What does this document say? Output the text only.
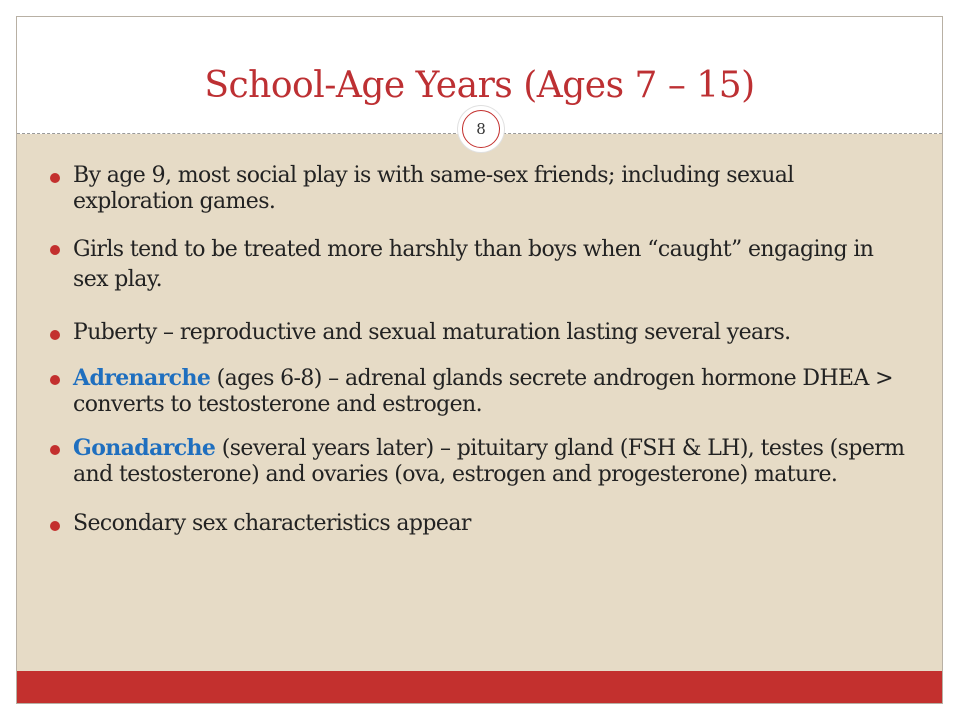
School-Age Years (Ages 7 – 15)
8
By age 9, most social play is with same-sex friends; including sexual exploration games.
Girls tend to be treated more harshly than boys when “caught” engaging in sex play.
Puberty – reproductive and sexual maturation lasting several years.
Adrenarche (ages 6-8) – adrenal glands secrete androgen hormone DHEA > converts to testosterone and estrogen.
Gonadarche (several years later) – pituitary gland (FSH & LH), testes (sperm and testosterone) and ovaries (ova, estrogen and progesterone) mature.
Secondary sex characteristics appear
